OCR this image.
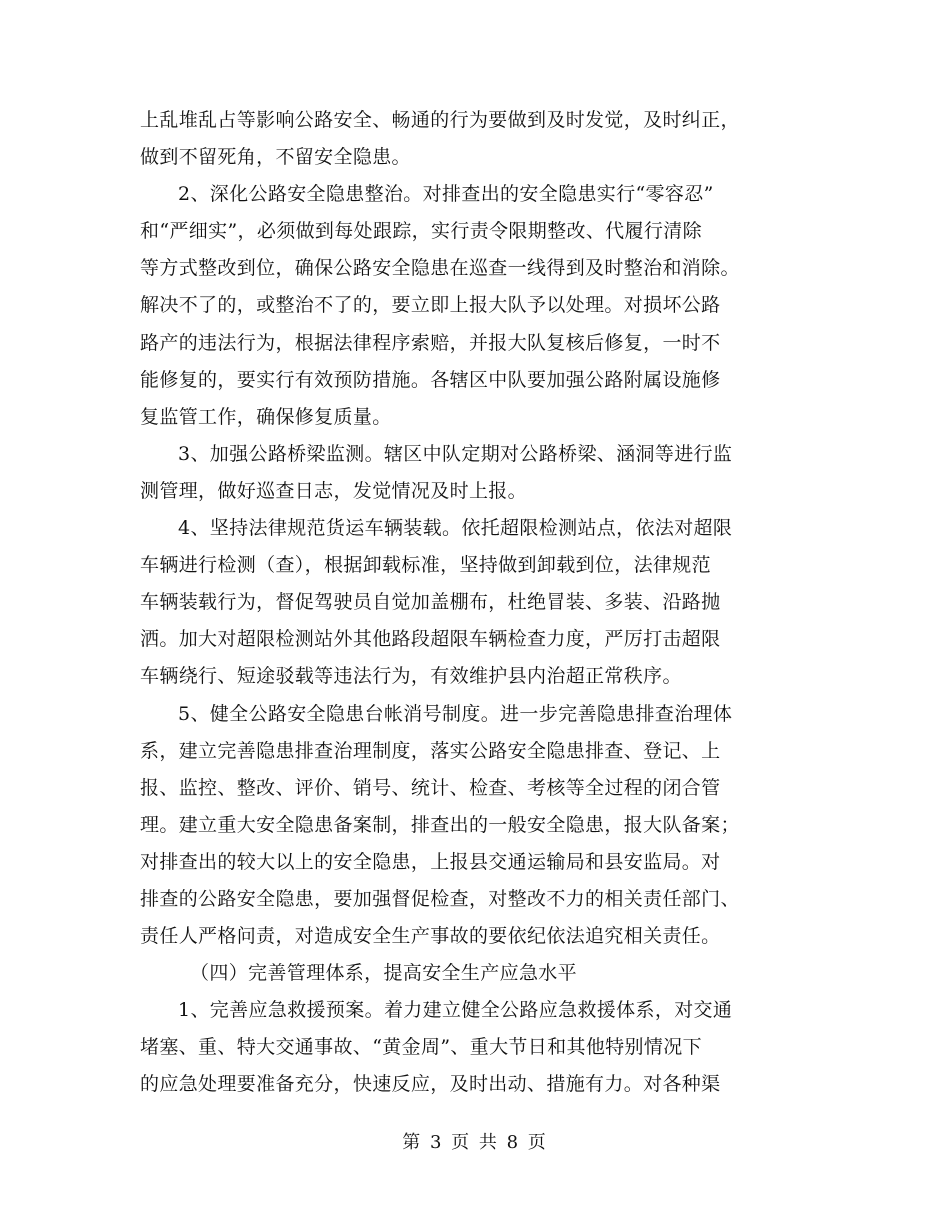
上乱堆乱占等影响公路安全、畅通的行为要做到及时发觉，及时纠正，
做到不留死角，不留安全隐患。
2、深化公路安全隐患整治。对排查出的安全隐患实行“零容忍”
和“严细实”，必须做到每处跟踪，实行责令限期整改、代履行清除
等方式整改到位，确保公路安全隐患在巡查一线得到及时整治和消除。
解决不了的，或整治不了的，要立即上报大队予以处理。对损坏公路
路产的违法行为，根据法律程序索赔，并报大队复核后修复，一时不
能修复的，要实行有效预防措施。各辖区中队要加强公路附属设施修
复监管工作，确保修复质量。
3、加强公路桥梁监测。辖区中队定期对公路桥梁、涵洞等进行监
测管理，做好巡查日志，发觉情况及时上报。
4、坚持法律规范货运车辆装载。依托超限检测站点，依法对超限
车辆进行检测（查），根据卸载标准，坚持做到卸载到位，法律规范
车辆装载行为，督促驾驶员自觉加盖棚布，杜绝冒装、多装、沿路抛
洒。加大对超限检测站外其他路段超限车辆检查力度，严厉打击超限
车辆绕行、短途驳载等违法行为，有效维护县内治超正常秩序。
5、健全公路安全隐患台帐消号制度。进一步完善隐患排查治理体
系，建立完善隐患排查治理制度，落实公路安全隐患排查、登记、上
报、监控、整改、评价、销号、统计、检查、考核等全过程的闭合管
理。建立重大安全隐患备案制，排查出的一般安全隐患，报大队备案；
对排查出的较大以上的安全隐患，上报县交通运输局和县安监局。对
排查的公路安全隐患，要加强督促检查，对整改不力的相关责任部门、
责任人严格问责，对造成安全生产事故的要依纪依法追究相关责任。
（四）完善管理体系，提高安全生产应急水平
1、完善应急救援预案。着力建立健全公路应急救援体系，对交通
堵塞、重、特大交通事故、“黄金周”、重大节日和其他特别情况下
的应急处理要准备充分，快速反应，及时出动、措施有力。对各种渠
第 3 页 共 8 页
